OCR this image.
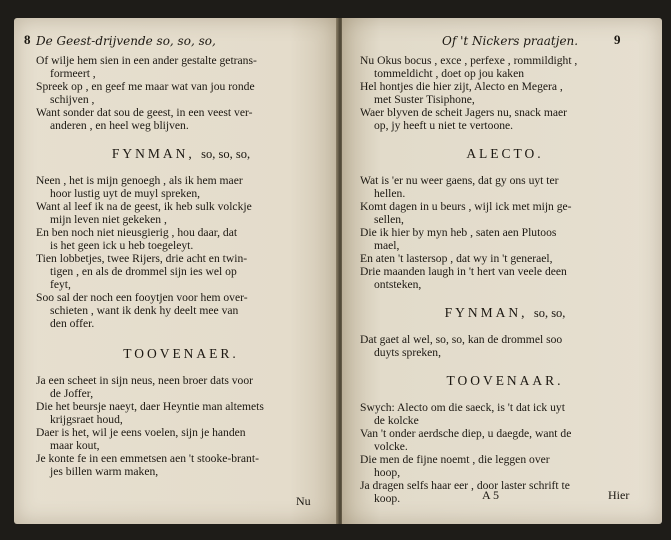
8 De Geest-drijvende so, so, so,
Of wilje hem sien in een ander gestalte getrans-
formeert ,
Spreek op , en geef me maar wat van jou ronde
schijven ,
Want sonder dat sou de geest, in een veest ver-
anderen , en heel weg blijven.
FYNMAN, so, so, so,
Neen , het is mijn genoegh , als ik hem maer
hoor lustig uyt de muyl spreken,
Want al leef ik na de geest, ik heb sulk volckje
mijn leven niet gekeken ,
En ben noch niet nieusgierig , hou daar, dat
is het geen ick u heb toegeleyt.
Tien lobbetjes, twee Rijers, drie acht en twin-
tigen , en als de drommel sijn ies wel op
feyt,
Soo sal der noch een fooytjen voor hem over-
schieten , want ik denk hy deelt mee van
den offer.
TOOVENAER.
Ja een scheet in sijn neus, neen broer dats voor
de Joffer,
Die het beursje naeyt, daer Heyntie man altemets
krijgsraet houd,
Daer is het, wil je eens voelen, sijn je handen
maar kout,
Je konte fe in een emmetsen aen 't stooke-brant-
jes billen warm maken,
Nu
Of 't Nickers praatjen.	9
Nu Okus bocus , exce , perfexe , rommildight ,
tommeldicht , doet op jou kaken
Hel hontjes die hier zijt, Alecto en Megera ,
met Suster Tisiphone,
Waer blyven de scheit Jagers nu, snack maer
op, jy heeft u niet te vertoone.
ALECTO.
Wat is 'er nu weer gaens, dat gy ons uyt ter
hellen.
Komt dagen in u beurs , wijl ick met mijn ge-
sellen,
Die ik hier by myn heb , saten aen Plutoos
mael,
En aten 't lastersop , dat wy in 't generael,
Drie maanden laugh in 't hert van veele deen
ontsteken,
FYNMAN, so, so,
Dat gaet al wel, so, so, kan de drommel soo
duyts spreken,
TOOVENAAR.
Swych: Alecto om die saeck, is 't dat ick uyt
de kolcke
Van 't onder aerdsche diep, u daegde, want de
volcke.
Die men de fijne noemt , die leggen over
hoop,
Ja dragen selfs haar eer , door laster schrift te
koop.	A 5	Hier
